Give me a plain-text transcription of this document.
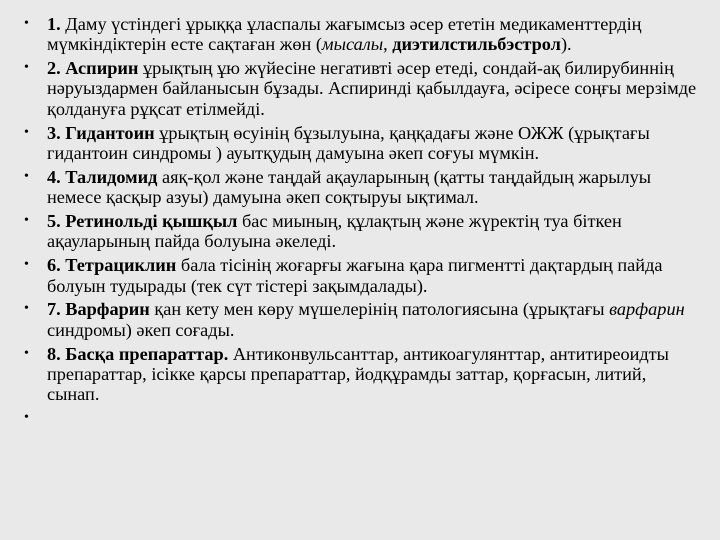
• 1. Даму үстіндегі ұрыққа ұласпалы жағымсыз әсер ететін медикаменттердің мүмкіндіктерін есте сақтаған жөн (мысалы, диэтилстильбэстрол).
• 2. Аспирин ұрықтың ұю жүйесіне негативті әсер етеді, сондай-ақ билирубиннің нәруыздармен байланысын бұзады. Аспиринді қабылдауға, әсіресе соңғы мерзімде қолдануға рұқсат етілмейді.
• 3. Гидантоин ұрықтың өсуінің бұзылуына, қаңқадағы және ОЖЖ (ұрықтағы гидантоин синдромы ) ауытқудың дамуына әкеп соғуы мүмкін.
• 4. Талидомид аяқ-қол және таңдай ақауларының (қатты таңдайдың жарылуы немесе қасқыр азуы) дамуына әкеп соқтыруы ықтимал.
• 5. Ретинольді қышқыл бас миының, құлақтың және жүректің туа біткен ақауларының пайда болуына әкеледі.
• 6. Тетрациклин бала тісінің жоғарғы жағына қара пигментті дақтардың пайда болуын тудырады (тек сүт тістері зақымдалады).
• 7. Варфарин қан кету мен көру мүшелерінің патологиясына (ұрықтағы варфарин синдромы) әкеп соғады.
• 8. Басқа препараттар. Антиконвульсанттар, антикоагулянттар, антитиреоидты препараттар, ісікке қарсы препараттар, йодқұрамды заттар, қорғасын, литий, сынап.
•
